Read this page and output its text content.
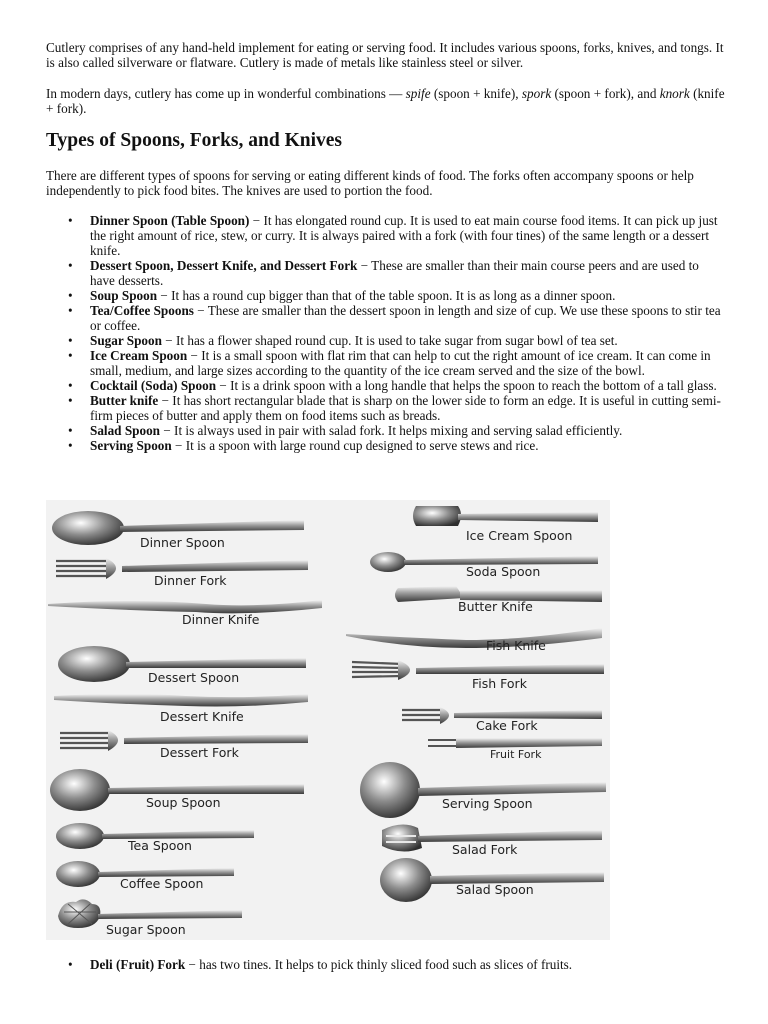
Cutlery comprises of any hand-held implement for eating or serving food. It includes various spoons, forks, knives, and tongs. It is also called silverware or flatware. Cutlery is made of metals like stainless steel or silver.

In modern days, cutlery has come up in wonderful combinations — spife (spoon + knife), spork (spoon + fork), and knork (knife + fork).

Types of Spoons, Forks, and Knives

There are different types of spoons for serving or eating different kinds of food. The forks often accompany spoons or help independently to pick food bites. The knives are used to portion the food.

• Dinner Spoon (Table Spoon) − It has elongated round cup. It is used to eat main course food items. It can pick up just the right amount of rice, stew, or curry. It is always paired with a fork (with four tines) of the same length or a dessert knife.
• Dessert Spoon, Dessert Knife, and Dessert Fork − These are smaller than their main course peers and are used to have desserts.
• Soup Spoon − It has a round cup bigger than that of the table spoon. It is as long as a dinner spoon.
• Tea/Coffee Spoons − These are smaller than the dessert spoon in length and size of cup. We use these spoons to stir tea or coffee.
• Sugar Spoon − It has a flower shaped round cup. It is used to take sugar from sugar bowl of tea set.
• Ice Cream Spoon − It is a small spoon with flat rim that can help to cut the right amount of ice cream. It can come in small, medium, and large sizes according to the quantity of the ice cream served and the size of the bowl.
• Cocktail (Soda) Spoon − It is a drink spoon with a long handle that helps the spoon to reach the bottom of a tall glass.
• Butter knife − It has short rectangular blade that is sharp on the lower side to form an edge. It is useful in cutting semi-firm pieces of butter and apply them on food items such as breads.
• Salad Spoon − It is always used in pair with salad fork. It helps mixing and serving salad efficiently.
• Serving Spoon − It is a spoon with large round cup designed to serve stews and rice.
Dinner Spoon
Dinner Fork
Dinner Knife
Dessert Spoon
Dessert Knife
Dessert Fork
Soup Spoon
Tea Spoon
Coffee Spoon
Sugar Spoon
Ice Cream Spoon
Soda Spoon
Butter Knife
Fish Knife
Fish Fork
Cake Fork
Fruit Fork
Serving Spoon
Salad Fork
Salad Spoon
• Deli (Fruit) Fork − has two tines. It helps to pick thinly sliced food such as slices of fruits.
